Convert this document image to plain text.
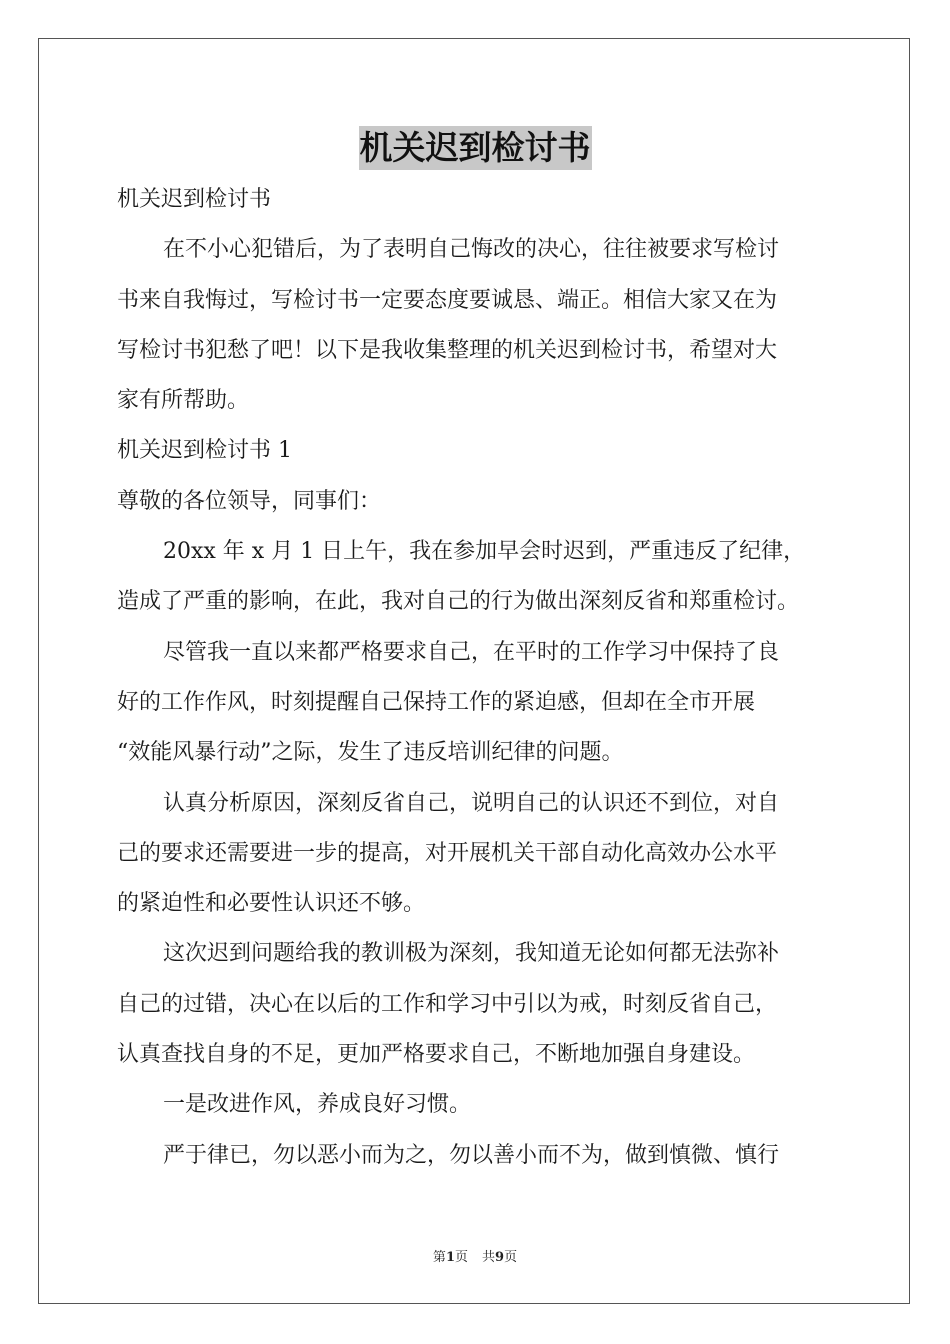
机关迟到检讨书
机关迟到检讨书
在不小心犯错后，为了表明自己悔改的决心，往往被要求写检讨
书来自我悔过，写检讨书一定要态度要诚恳、端正。相信大家又在为
写检讨书犯愁了吧！以下是我收集整理的机关迟到检讨书，希望对大
家有所帮助。
机关迟到检讨书 1
尊敬的各位领导，同事们：
20xx 年 x 月 1 日上午，我在参加早会时迟到，严重违反了纪律，
造成了严重的影响，在此，我对自己的行为做出深刻反省和郑重检讨。
尽管我一直以来都严格要求自己，在平时的工作学习中保持了良
好的工作作风，时刻提醒自己保持工作的紧迫感，但却在全市开展
“效能风暴行动”之际，发生了违反培训纪律的问题。
认真分析原因，深刻反省自己，说明自己的认识还不到位，对自
己的要求还需要进一步的提高，对开展机关干部自动化高效办公水平
的紧迫性和必要性认识还不够。
这次迟到问题给我的教训极为深刻，我知道无论如何都无法弥补
自己的过错，决心在以后的工作和学习中引以为戒，时刻反省自己，
认真查找自身的不足，更加严格要求自己，不断地加强自身建设。
一是改进作风，养成良好习惯。
严于律已，勿以恶小而为之，勿以善小而不为，做到慎微、慎行
第1页 共9页
